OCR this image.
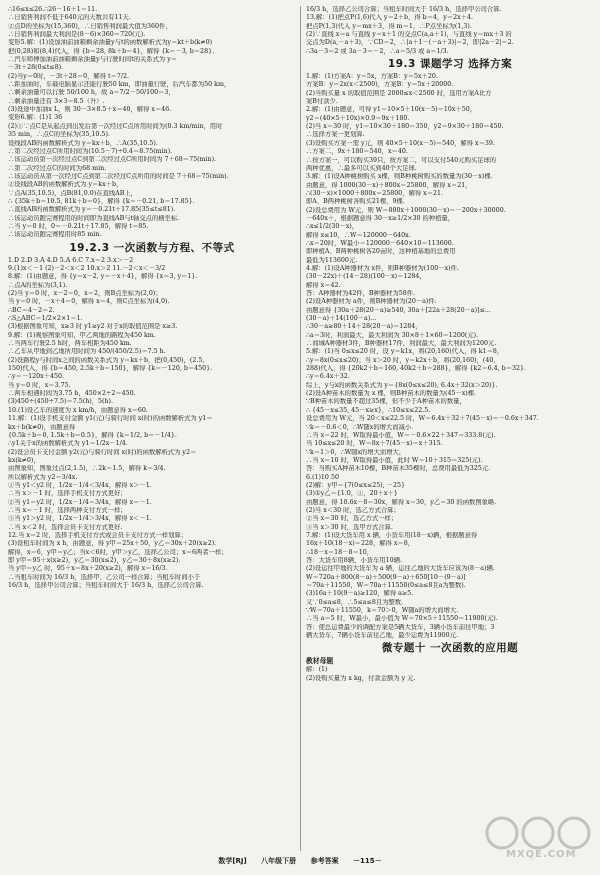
∴16≤x≤26.∴26－16＋1＝11.
∴日销售利润不低于640元的天数共有11天.
②点D的坐标为(15,360)，∴日销售利润最大值为360件，
∴日销售利润最大利润是(8－6)×360＝720(元).
变形5.解：(1)设加油前油箱剩余油量y与t的函数解析式为y＝kt＋b(k≠0)
把(0,28)和(8,4)代入，得 {b＝28, 8k＋b＝4}，解得 {k＝－3, b＝28}.
∴汽车师傅加油前油箱剩余油量y与行驶时间t的关系式为 y＝
－3t＋28(0≤t≤8).
(2)当y＝0时，－3t＋28＝0，解得 t＝7/2.
∴距加油时，车载电脑显示还能行驶50 km，即油量行驶，后汽车都为50 km，
∴剩余油量可以行驶 50/100 h，故 a＝7/2－50/100＝3，
∴剩余油量还有 3×3＝8.5（升）.
(3)设途中加油x L，则 30－3×8.5＋x＝40，解得 x＝46.
变形6.解：(1)1 36
(2)①∵点C是从起点到出发后第一次经过C点所用时间为(0.3 km/min，用时
35 min，∴点C的坐标为(35,10.5).
设线段AB的函数解析式为 y＝kx＋b，∴A(35,10.5).
∴第二次经过点C所用时间为(10.5－7)÷0.4＝8.75(min).
∴该运动员第一次经过点C到第二次经过点C所用时间为 7＋68＝75(min).
∴第二次经过点C的时间为68 min.
∴该运动员从第一次经过C点到第二次经过C点所用的时间是 7＋68＝75(min).
②设线段AB的函数解析式为 y＝kx＋b，
∵点A(35,10.5)，点B(81,0.0)在直线AB上，
∴ {35k＋b＝10.5, 81k＋b＝0}，解得 {k＝－0.21, b＝17.85}.
∴直线AB的函数解析式为 y＝－0.21t＋17.85(35≤t≤81).
∴该运动员跑完赛程用的时间即为直线AB与t轴交点的横坐标.
∴当 y＝0 时，0＝－0.21t＋17.85，解得 t＝85.
∴该运动员跑完赛程用时85 min.
19.2.3 一次函数与方程、不等式
1.D 2.D 3.A 4.D 5.A 6.C 7.x＝2 3.x＞－2
9.(1)x＜－1 (2)－2＜x＜2 10.x＞2 11.－2＜x＜－3/2
8.解：(1)由题意，得 {y＝x－2, y＝－x＋4}，解得 {x＝3, y＝1}.
∴点A的坐标为(3,1).
(2)当 y＝0 时，x－2＝0，x＝2，则B点坐标为(2,0)；
当 y＝0 时，－x＋4＝0，解得 x＝4，则C点坐标为(4,0).
∴BC＝4－2＝2.
∴S△ABC＝1/2×2×1＝1.
(3)根据图象可知，x≥3 时 y1≥y2 对于x的取值范围是 x≥3.
9.解：(1)观察图象可知，甲乙两地的路程为450 km.
∴当两车行驶2.5 h时，两车相距为450 km.
∴乙车从甲地到乙地所用时间为 450/(450/2.5)＝7.5 h.
(2)设路程y与时间x之间的函数关系式为 y＝kx＋b，把(0,450)，(2.5,
150)代入，得 {b＝450, 2.5k＋b＝150}，解得 {k＝－120, b＝450}.
∴y＝－120x＋450.
当 y＝0 时，x＝3.75.
∴两车相遇时间为3.75 h，450×2÷2＝450.
(3)450÷(450÷7.5)＝7.5(h)，5(h).
10.(1)设乙车的速度为 x km/h，由题意得 x＝60.
11.解：(1)设手机支付金额 y1(元)与骑行时间 x(时)的函数解析式为 y1＝
kx＋b(k≠0)，由题意得
{0.5k＋b＝0, 1.5k＋b＝0.5}，解得 {k＝1/2, b＝－1/4}.
∴y1关于x的函数解析式为 y1＝1/2x－1/4.
(2)设会员卡支付金额 y2(元)与骑行时间 x(时)的函数解析式为 y2＝
kx(k≠0)，
由图象知，图象过点(2,1.5)，∴2k＝1.5，解得 k＝3/4.
所以解析式为 y2＝3/4x.
①当 y1＜y2 时，1/2x－1/4＜3/4x，解得 x＞－1.
∴当 x＞－1 时，选择手机支付方式更好；
②当 y1＝y2 时，1/2x－1/4＝3/4x，解得 x＝－1.
∴当 x＝－1 时，选择两种支付方式一样；
③当 y1＞y2 时，1/2x－1/4＞3/4x，解得 x＜－1.
∴当 x＜2 时，选择会员卡支付方式更好.
12.当 x＝2 时，选择手机支付方式或会员卡支付方式一样划算；
(3)设租车时间为 x h，由题意，得 y甲＝25x＋50，y乙＝30x＋20(x≥2).
解得，x＝6，y甲＝y乙；当x＜6时，y甲＞y乙，选择乙公司；x＝6两者一样；
即 y甲＝95＋x(x≥2)，y乙＝30(x≤2)，y乙＝30＋8x(x≥2).
当 y甲＝y乙 时，95＋x＝8x＋20(x≥2)，解得 x＝16/3.
∴当租车时间为 16/3 h，选择甲、乙公司一样合算；当租车时间小于
16/3 h，选择甲公司合算；当租车时间大于 16/3 h，选择乙公司合算.
16/3 h，选择乙公司合算；当租车时间大于 16/3 h，选择甲公司合算.
13.解：(1)把点P(1,6)代入 y＝2＋b，得 b＝4，y＝2x＋4.
把点P(1,3)代入 y＝mx＋3，得 m＝1，∴P点坐标为(1,3).
(2)∵直线 x＝a 与直线 y＝x＋1 的交点C(a,a＋1)，与直线 y＝mx＋3 的
交点为D(a,－a＋3)，∵CD＝2，∴|a＋1－(－a＋3)|＝2，即|2a－2|＝2.
∴3a－3＝2 或 3a－3＝－2，∴a＝5/3 或 a＝1/3.
19.3 课题学习 选择方案
1.解：(1)方案A：y＝5x，方案B：y＝5x＋20.
方案B：y＝2x(x＜2500)，方案B：y＝5x＋20000.
(2)当购买量 x 的取值范围是 2000≤x＜2500 时，选用方案A比方
案B付款少.
2.解：(1)由题意，可得 y1＝10×5＋10(x－5)＝10x＋50，
y2＝(40×5＋10x)×0.9＝9x＋180.
(2)当 x＝30 时，y1＝10×30＋180＝350，y2＝9×30＋180＝450.
∴选择方案一更划算.
(3)设购买方案一需 y元，则 40×5＋10(x－5)＝540，解得 x＝39.
∴方案二，9x＋180＝540，x＝40.
∴按方案一，可以购买39只，按方案二，可以支付540元购买足球的
两种优惠，∴最多可以买到40个大足球.
3.解：(1)设A种桃树购买 x棵，则B种桃树购买的数量为(30－x)棵.
由题意，得 1000(30－x)＋800x＝25800，解得 x＝21，
∴(30－x)×1000＋800x＝25800，解得 x＝21.
即A、B两种桃树各购买21棵，9棵.
(2)设总费用为 W元，则 W＝800x＋1000(30－x)＝－200x＋30000.
－640x＋，根据题意得 30－x≥1/2×30 的种植量，
∴x≤1/2(30－x)，
解得 x≤10，∴W＝120000－640x.
∴x＝20时，W最小＝120000－640×10＝113600.
即种植A、B两种桃树各20亩时，这种植基地的总费用
最低为113600元.
4.解：(1)设A种器材为 x件，则B种器材为(100－x)件.
(30－22x)＋(14－28)(100－x)＝1284，
解得 x＝42.
答：A种器材为42件，B种器材为58件.
(2)设A种器材为 a件，则B种器材为(20－a)件.
由题意得 {30a＋28(20－a)≥540, 30a＋[22a＋28(20－a)]≤...
(30－a)＋14(100－a)...
∴30－a≥80＋14＋28(20－a)＝1284，
∴a＝3时，利润最大，最大利润为 30×8＋1×60＝1200(元).
∴商城A种器材3件，B种器材17件，利润最大，最大利润为1200元.
5.解：(1)当 0≤x≤20 时，设 y＝k1x，将(20,160)代入，得 k1＝8，
∴y＝8x(0≤x≤20)；当 x＞20 时，y＝k2x＋b，将(20,160)，(40,
288)代入，得 {20k2＋b＝160, 40k2＋b＝288}，解得 {k2＝6.4, b＝32}.
∴y＝6.4x＋32.
综上，y与x的函数关系式为 y＝{8x(0≤x≤20), 6.4x＋32(x＞20)}.
(2)设A种苗木的数量为 x 棵，则B种苗木的数量为(45－x)棵.
∵B种苗木的数量不超过35棵，但不少于A种苗木的数量，
∴ {45－x≤35, 45－x≥x}，∴10≤x≤22.5.
设总费用为 W元，当 20＜x≤22.5 时，W＝6.4x＋32＋7(45－x)＝－0.6x＋347.
∵k＝－0.6＜0，∴W随x的增大而减小.
∴当 x＝22 时，W取得最小值，W＝－0.6×22＋347＝333.8(元).
当 10≤x≤20 时，W＝8x＋7(45－x)＝x＋315.
∵k＝1＞0，∴W随x的增大而增大，
∴当 x＝10 时，W取得最小值，此时 W＝10＋315＝325(元).
答：当购买A种苗木10棵，B种苗木35棵时，总费用最低为325元.
6.(1)10 50
(2)解：y甲＝{7(0≤x≤25), －25}
(3)①y乙＝{1.0，①，20＋x＋}
由题意，得 10.6x－8＝30x，解得 x＝30，y乙＝30 的函数图象略.
(2)当 x＜30 时，选乙方式合算；
②当 x＝30 时，选乙方式一样；
③当 x＞30 时，选甲方式合算.
7.解：(1)设大货车用 x 辆，小货车用(18－x)辆，根据题意得
16x＋10(18－x)＝228，解得 x＝8，
∴18－x＝18－8＝10，
答：大货车用8辆，小货车用10辆.
(2)设运往甲地的大货车为 a 辆，运往乙地的大货车应该为(8－a)辆.
W＝720a＋800(8－a)＋500(9－a)＋650[10－(9－a)]
＝70a＋11550，W＝70a＋11550(0≤a≤8且a为整数).
(3)16a＋10(9－a)≥120，解得 a≥5.
又∵0≤a≤8，∴5≤a≤8且为整数.
∵W＝70a＋11550，k＝70＞0，W随a的增大而增大.
∴当 a＝5 时，W最小，最小值为 W＝70×5＋11550＝11900(元).
答：使总运费最少的调配方案是5辆大货车，3辆小货车前往甲地；3
辆大货车，7辆小货车前往乙地，最少运费为11900元.
微专题十 一次函数的应用题
教材母题
解：(1)
(2)设购买量为 x kg，付款金额为 y 元.
数学[RJ] 八年级下册 参考答案 －115－
MXQE.COM
